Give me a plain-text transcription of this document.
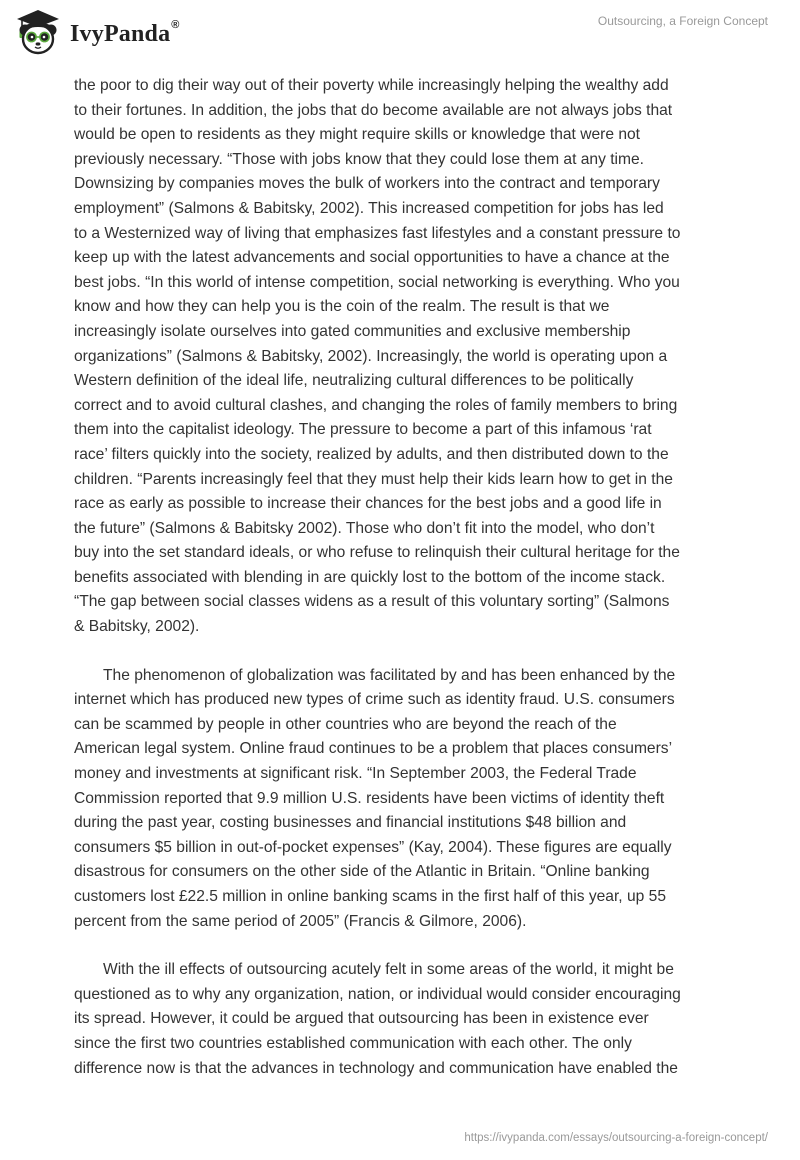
IvyPanda®	Outsourcing, a Foreign Concept

the poor to dig their way out of their poverty while increasingly helping the wealthy add
to their fortunes. In addition, the jobs that do become available are not always jobs that
would be open to residents as they might require skills or knowledge that were not
previously necessary. “Those with jobs know that they could lose them at any time.
Downsizing by companies moves the bulk of workers into the contract and temporary
employment” (Salmons & Babitsky, 2002). This increased competition for jobs has led
to a Westernized way of living that emphasizes fast lifestyles and a constant pressure to
keep up with the latest advancements and social opportunities to have a chance at the
best jobs. “In this world of intense competition, social networking is everything. Who you
know and how they can help you is the coin of the realm. The result is that we
increasingly isolate ourselves into gated communities and exclusive membership
organizations” (Salmons & Babitsky, 2002). Increasingly, the world is operating upon a
Western definition of the ideal life, neutralizing cultural differences to be politically
correct and to avoid cultural clashes, and changing the roles of family members to bring
them into the capitalist ideology. The pressure to become a part of this infamous ‘rat
race’ filters quickly into the society, realized by adults, and then distributed down to the
children. “Parents increasingly feel that they must help their kids learn how to get in the
race as early as possible to increase their chances for the best jobs and a good life in
the future” (Salmons & Babitsky 2002). Those who don’t fit into the model, who don’t
buy into the set standard ideals, or who refuse to relinquish their cultural heritage for the
benefits associated with blending in are quickly lost to the bottom of the income stack.
“The gap between social classes widens as a result of this voluntary sorting” (Salmons
& Babitsky, 2002).

The phenomenon of globalization was facilitated by and has been enhanced by the
internet which has produced new types of crime such as identity fraud. U.S. consumers
can be scammed by people in other countries who are beyond the reach of the
American legal system. Online fraud continues to be a problem that places consumers’
money and investments at significant risk. “In September 2003, the Federal Trade
Commission reported that 9.9 million U.S. residents have been victims of identity theft
during the past year, costing businesses and financial institutions $48 billion and
consumers $5 billion in out-of-pocket expenses” (Kay, 2004). These figures are equally
disastrous for consumers on the other side of the Atlantic in Britain. “Online banking
customers lost £22.5 million in online banking scams in the first half of this year, up 55
percent from the same period of 2005” (Francis & Gilmore, 2006).

With the ill effects of outsourcing acutely felt in some areas of the world, it might be
questioned as to why any organization, nation, or individual would consider encouraging
its spread. However, it could be argued that outsourcing has been in existence ever
since the first two countries established communication with each other. The only
difference now is that the advances in technology and communication have enabled the

https://ivypanda.com/essays/outsourcing-a-foreign-concept/
